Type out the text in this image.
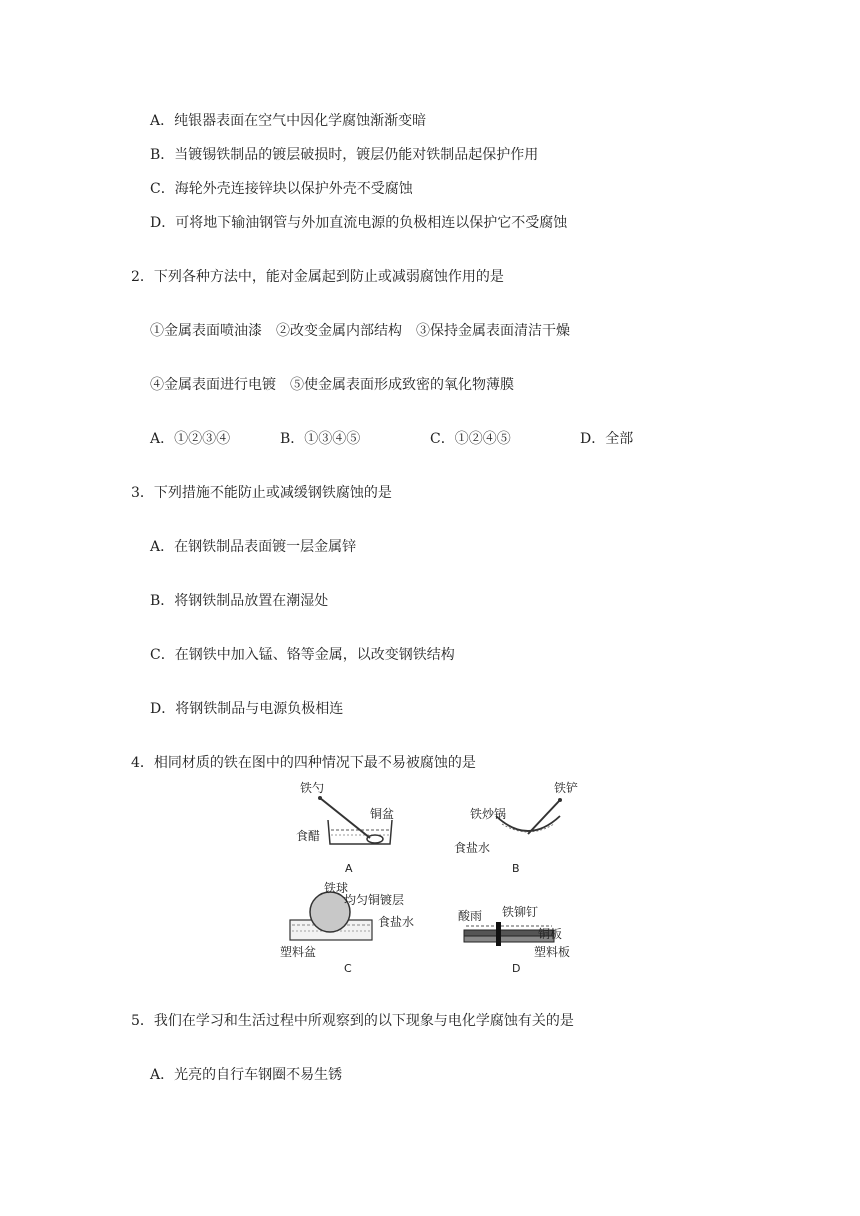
A．纯银器表面在空气中因化学腐蚀渐渐变暗
B．当镀锡铁制品的镀层破损时，镀层仍能对铁制品起保护作用
C．海轮外壳连接锌块以保护外壳不受腐蚀
D．可将地下输油钢管与外加直流电源的负极相连以保护它不受腐蚀
2．下列各种方法中，能对金属起到防止或减弱腐蚀作用的是
①金属表面喷油漆　②改变金属内部结构　③保持金属表面清洁干燥
④金属表面进行电镀　⑤使金属表面形成致密的氧化物薄膜
A．①②③④	B．①③④⑤	C．①②④⑤	D．全部
3．下列措施不能防止或减缓钢铁腐蚀的是
A．在钢铁制品表面镀一层金属锌
B．将钢铁制品放置在潮湿处
C．在钢铁中加入锰、铬等金属，以改变钢铁结构
D．将钢铁制品与电源负极相连
4．相同材质的铁在图中的四种情况下最不易被腐蚀的是
铁勺
铜盆
食醋
A
铁炒锅
铁铲
食盐水
B
铁球
均匀铜镀层
食盐水
塑料盆
C
酸雨 铁铆钉
铜板
塑料板
D
5．我们在学习和生活过程中所观察到的以下现象与电化学腐蚀有关的是
A．光亮的自行车钢圈不易生锈
